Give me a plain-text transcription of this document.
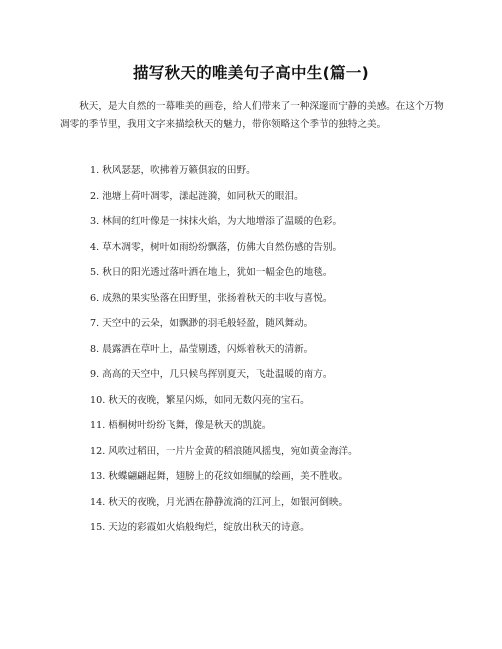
描写秋天的唯美句子高中生(篇一)

秋天，是大自然的一幕唯美的画卷，给人们带来了一种深邃而宁静的美感。在这个万物凋零的季节里，我用文字来描绘秋天的魅力，带你领略这个季节的独特之美。

1. 秋风瑟瑟，吹拂着万籁俱寂的田野。
2. 池塘上荷叶凋零，漾起涟漪，如同秋天的眼泪。
3. 林间的红叶像是一抹抹火焰，为大地增添了温暖的色彩。
4. 草木凋零，树叶如雨纷纷飘落，仿佛大自然伤感的告别。
5. 秋日的阳光透过落叶洒在地上，犹如一幅金色的地毯。
6. 成熟的果实坠落在田野里，张扬着秋天的丰收与喜悦。
7. 天空中的云朵，如飘渺的羽毛般轻盈，随风舞动。
8. 晨露洒在草叶上，晶莹剔透，闪烁着秋天的清新。
9. 高高的天空中，几只候鸟挥别夏天，飞赴温暖的南方。
10. 秋天的夜晚，繁星闪烁，如同无数闪亮的宝石。
11. 梧桐树叶纷纷飞舞，像是秋天的凯旋。
12. 风吹过稻田，一片片金黄的稻浪随风摇曳，宛如黄金海洋。
13. 秋蝶翩翩起舞，翅膀上的花纹如细腻的绘画，美不胜收。
14. 秋天的夜晚，月光洒在静静流淌的江河上，如银河倒映。
15. 天边的彩霞如火焰般绚烂，绽放出秋天的诗意。
